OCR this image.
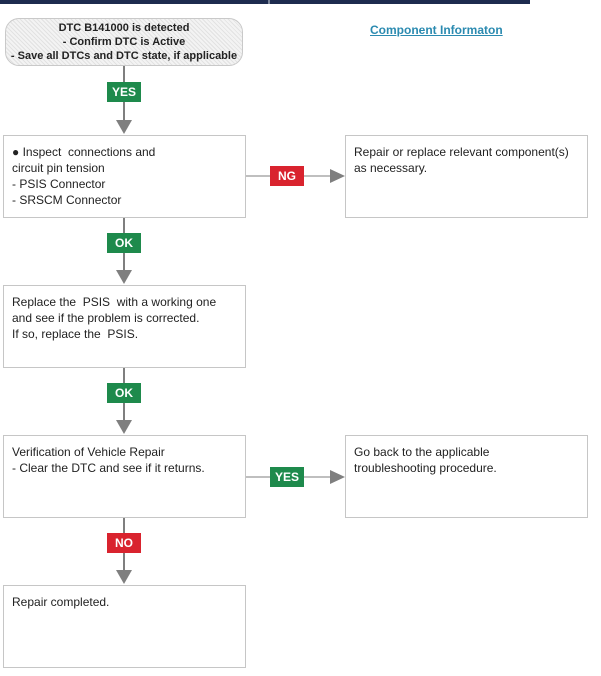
DTC B141000 is detected
- Confirm DTC is Active
- Save all DTCs and DTC state, if applicable
Component Informaton
YES
● Inspect  connections and
circuit pin tension
- PSIS Connector
- SRSCM Connector
NG
Repair or replace relevant component(s)
as necessary.
OK
Replace the  PSIS  with a working one
and see if the problem is corrected.
If so, replace the  PSIS.
OK
Verification of Vehicle Repair
- Clear the DTC and see if it returns.
YES
Go back to the applicable
troubleshooting procedure.
NO
Repair completed.
